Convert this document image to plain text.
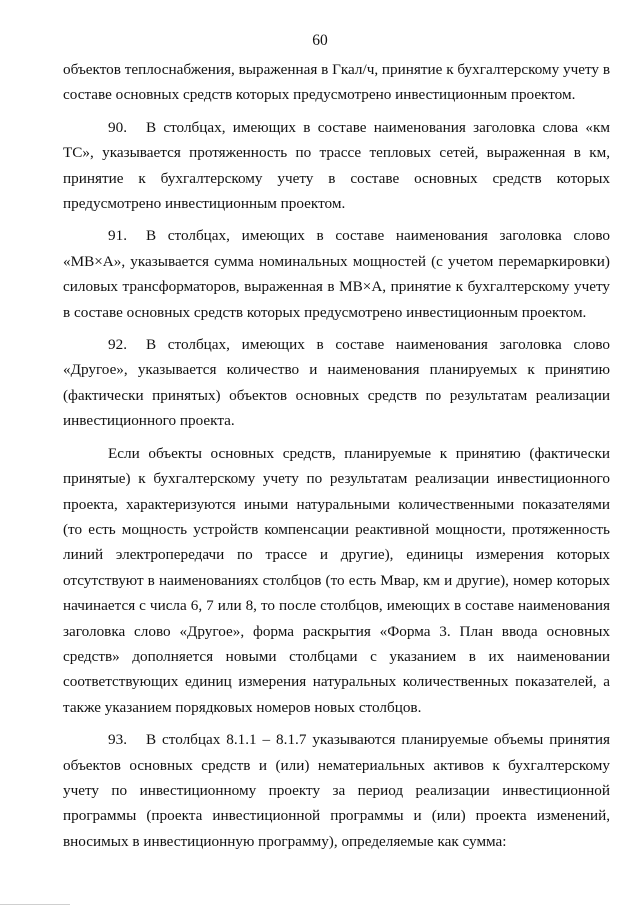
60

объектов теплоснабжения, выраженная в Гкал/ч, принятие к бухгалтерскому учету в составе основных средств которых предусмотрено инвестиционным проектом.

90. В столбцах, имеющих в составе наименования заголовка слова «км ТС», указывается протяженность по трассе тепловых сетей, выраженная в км, принятие к бухгалтерскому учету в составе основных средств которых предусмотрено инвестиционным проектом.

91. В столбцах, имеющих в составе наименования заголовка слово «МВ×А», указывается сумма номинальных мощностей (с учетом перемаркировки) силовых трансформаторов, выраженная в МВ×А, принятие к бухгалтерскому учету в составе основных средств которых предусмотрено инвестиционным проектом.

92. В столбцах, имеющих в составе наименования заголовка слово «Другое», указывается количество и наименования планируемых к принятию (фактически принятых) объектов основных средств по результатам реализации инвестиционного проекта.

Если объекты основных средств, планируемые к принятию (фактически принятые) к бухгалтерскому учету по результатам реализации инвестиционного проекта, характеризуются иными натуральными количественными показателями (то есть мощность устройств компенсации реактивной мощности, протяженность линий электропередачи по трассе и другие), единицы измерения которых отсутствуют в наименованиях столбцов (то есть Мвар, км и другие), номер которых начинается с числа 6, 7 или 8, то после столбцов, имеющих в составе наименования заголовка слово «Другое», форма раскрытия «Форма 3. План ввода основных средств» дополняется новыми столбцами с указанием в их наименовании соответствующих единиц измерения натуральных количественных показателей, а также указанием порядковых номеров новых столбцов.

93. В столбцах 8.1.1 – 8.1.7 указываются планируемые объемы принятия объектов основных средств и (или) нематериальных активов к бухгалтерскому учету по инвестиционному проекту за период реализации инвестиционной программы (проекта инвестиционной программы и (или) проекта изменений, вносимых в инвестиционную программу), определяемые как сумма:
